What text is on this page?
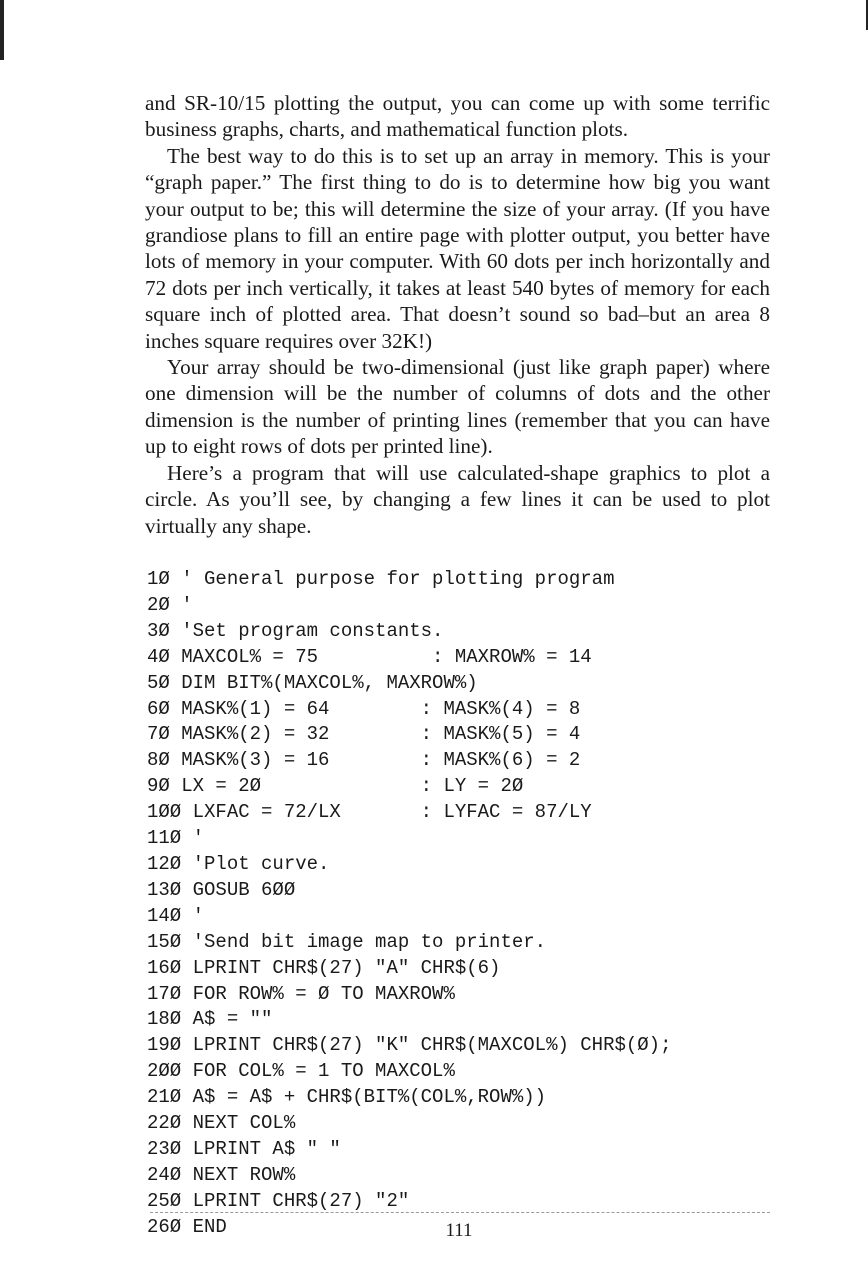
and SR-10/15 plotting the output, you can come up with some terrific business graphs, charts, and mathematical function plots.

The best way to do this is to set up an array in memory. This is your “graph paper.” The first thing to do is to determine how big you want your output to be; this will determine the size of your array. (If you have grandiose plans to fill an entire page with plotter output, you better have lots of memory in your computer. With 60 dots per inch horizontally and 72 dots per inch vertically, it takes at least 540 bytes of memory for each square inch of plotted area. That doesn’t sound so bad–but an area 8 inches square requires over 32K!)

Your array should be two-dimensional (just like graph paper) where one dimension will be the number of columns of dots and the other dimension is the number of printing lines (remember that you can have up to eight rows of dots per printed line).

Here’s a program that will use calculated-shape graphics to plot a circle. As you’ll see, by changing a few lines it can be used to plot virtually any shape.

1Ø ' General purpose for plotting program
2Ø '
3Ø 'Set program constants.
4Ø MAXCOL% = 75          : MAXROW% = 14
5Ø DIM BIT%(MAXCOL%, MAXROW%)
6Ø MASK%(1) = 64        : MASK%(4) = 8
7Ø MASK%(2) = 32        : MASK%(5) = 4
8Ø MASK%(3) = 16        : MASK%(6) = 2
9Ø LX = 2Ø              : LY = 2Ø
1ØØ LXFAC = 72/LX       : LYFAC = 87/LY
11Ø '
12Ø 'Plot curve.
13Ø GOSUB 6ØØ
14Ø '
15Ø 'Send bit image map to printer.
16Ø LPRINT CHR$(27) "A" CHR$(6)
17Ø FOR ROW% = Ø TO MAXROW%
18Ø A$ = ""
19Ø LPRINT CHR$(27) "K" CHR$(MAXCOL%) CHR$(Ø);
2ØØ FOR COL% = 1 TO MAXCOL%
21Ø A$ = A$ + CHR$(BIT%(COL%,ROW%))
22Ø NEXT COL%
23Ø LPRINT A$ " "
24Ø NEXT ROW%
25Ø LPRINT CHR$(27) "2"
26Ø END	111
